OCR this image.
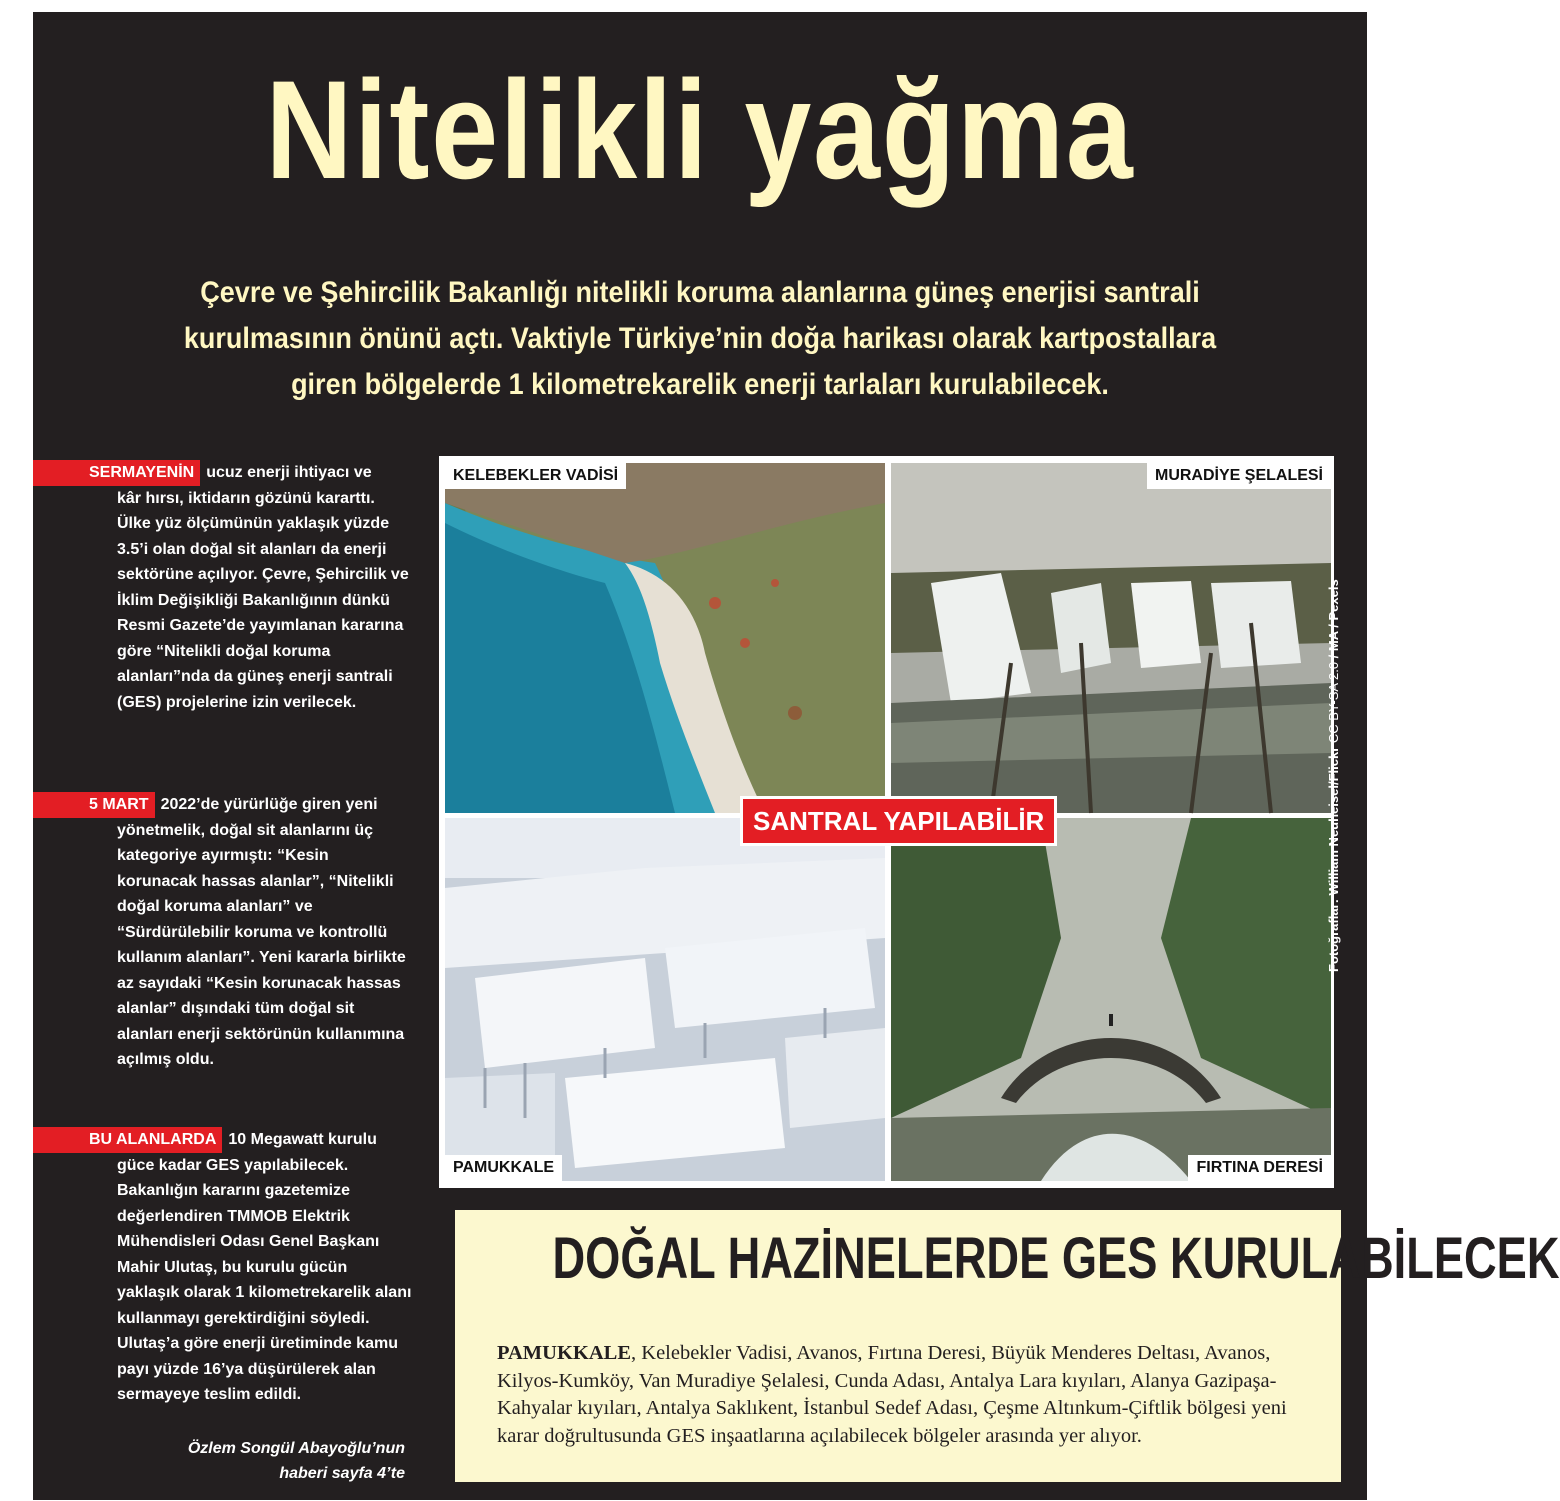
Nitelikli yağma
Çevre ve Şehircilik Bakanlığı nitelikli koruma alanlarına güneş enerjisi santrali
kurulmasının önünü açtı. Vaktiyle Türkiye’nin doğa harikası olarak kartpostallara
giren bölgelerde 1 kilometrekarelik enerji tarlaları kurulabilecek.
SERMAYENİN ucuz enerji ihtiyacı ve
kâr hırsı, iktidarın gözünü kararttı. Ülke yüz ölçümünün yaklaşık yüzde 3.5’i olan doğal sit alanları da enerji sektörüne açılıyor. Çevre, Şehircilik ve İklim Değişikliği Bakanlığının dünkü Resmi Gazete’de yayımlanan kararına göre “Nitelikli doğal koruma alanları”nda da güneş enerji santrali (GES) projelerine izin verilecek.
5 MART 2022’de yürürlüğe giren yeni
yönetmelik, doğal sit alanlarını üç kategoriye ayırmıştı: “Kesin korunacak hassas alanlar”, “Nitelikli doğal koruma alanları” ve “Sürdürülebilir koruma ve kontrollü kullanım alanları”. Yeni kararla birlikte az sayıdaki “Kesin korunacak hassas alanlar” dışındaki tüm doğal sit alanları enerji sektörünün kullanımına açılmış oldu.
BU ALANLARDA 10 Megawatt kurulu
güce kadar GES yapılabilecek. Bakanlığın kararını gazetemize değerlendiren TMMOB Elektrik Mühendisleri Odası Genel Başkanı Mahir Ulutaş, bu kurulu gücün yaklaşık olarak 1 kilometrekarelik alanı kullanmayı gerektirdiğini söyledi. Ulutaş’a göre enerji üretiminde kamu payı yüzde 16’ya düşürülerek alan sermayeye teslim edildi.
Özlem Songül Abayoğlu’nun
haberi sayfa 4’te
KELEBEKLER VADİSİ	MURADİYE ŞELALESİ
PAMUKKALE	FIRTINA DERESİ
SANTRAL YAPILABİLİR	Fotoğraflar: William Neuheisel/Flickr CC BY-SA 2.0 / MA / Pexels
DOĞAL HAZİNELERDE GES KURULABİLECEK
PAMUKKALE, Kelebekler Vadisi, Avanos, Fırtına Deresi, Büyük Menderes Deltası, Avanos, Kilyos-Kumköy, Van Muradiye Şelalesi, Cunda Adası, Antalya Lara kıyıları, Alanya Gazipaşa-Kahyalar kıyıları, Antalya Saklıkent, İstanbul Sedef Adası, Çeşme Altınkum-Çiftlik bölgesi yeni karar doğrultusunda GES inşaatlarına açılabilecek bölgeler arasında yer alıyor.
